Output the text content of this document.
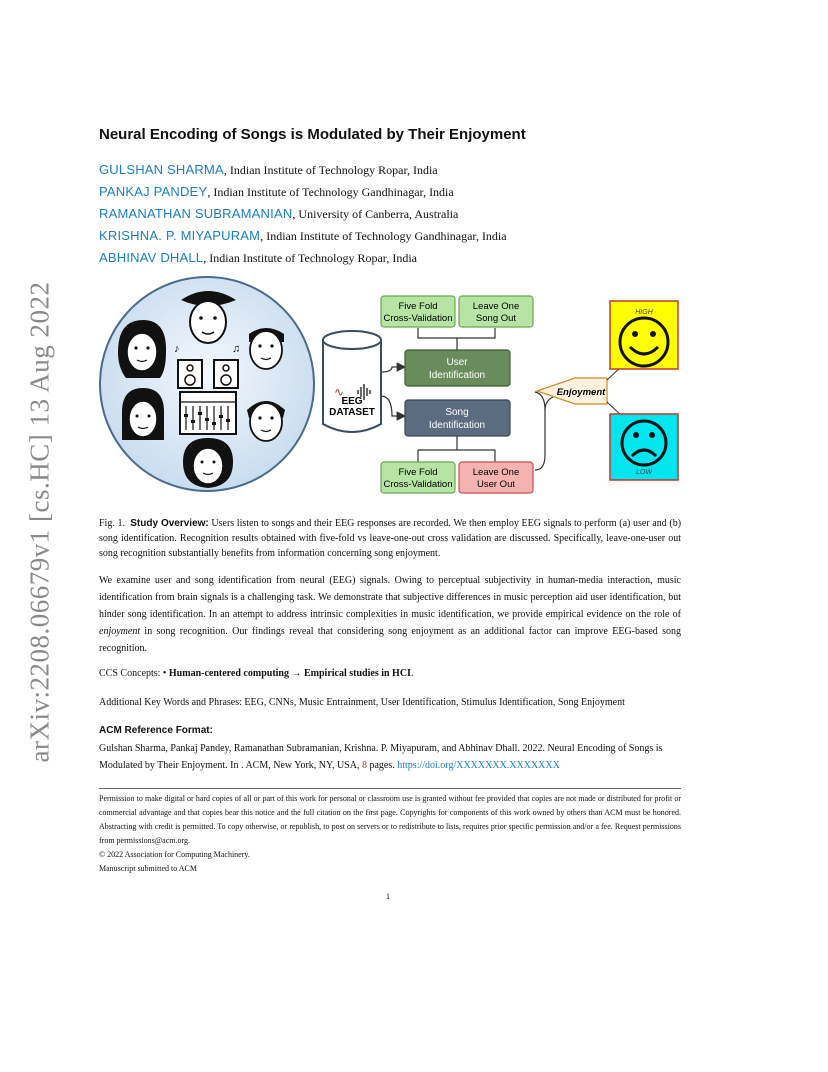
arXiv:2208.06679v1 [cs.HC] 13 Aug 2022
Neural Encoding of Songs is Modulated by Their Enjoyment
GULSHAN SHARMA, Indian Institute of Technology Ropar, India
PANKAJ PANDEY, Indian Institute of Technology Gandhinagar, India
RAMANATHAN SUBRAMANIAN, University of Canberra, Australia
KRISHNA. P. MIYAPURAM, Indian Institute of Technology Gandhinagar, India
ABHINAV DHALL, Indian Institute of Technology Ropar, India
♪	♫
∿
EEG
DATASET
User
Identification
Song
Identification
Five Fold
Cross-Validation
Leave One
Song Out
Five Fold
Cross-Validation
Leave One
User Out
Enjoyment
HIGH
LOW
Fig. 1. Study Overview: Users listen to songs and their EEG responses are recorded. We then employ EEG signals to perform (a) user and (b) song identification. Recognition results obtained with five-fold vs leave-one-out cross validation are discussed. Specifically, leave-one-user out song recognition substantially benefits from information concerning song enjoyment.
We examine user and song identification from neural (EEG) signals. Owing to perceptual subjectivity in human-media interaction, music identification from brain signals is a challenging task. We demonstrate that subjective differences in music perception aid user identification, but hinder song identification. In an attempt to address intrinsic complexities in music identification, we provide empirical evidence on the role of enjoyment in song recognition. Our findings reveal that considering song enjoyment as an additional factor can improve EEG-based song recognition.
CCS Concepts: • Human-centered computing → Empirical studies in HCI.
Additional Key Words and Phrases: EEG, CNNs, Music Entrainment, User Identification, Stimulus Identification, Song Enjoyment
ACM Reference Format:
Gulshan Sharma, Pankaj Pandey, Ramanathan Subramanian, Krishna. P. Miyapuram, and Abhinav Dhall. 2022. Neural Encoding of Songs is Modulated by Their Enjoyment. In . ACM, New York, NY, USA, 8 pages. https://doi.org/XXXXXXX.XXXXXXX
Permission to make digital or hard copies of all or part of this work for personal or classroom use is granted without fee provided that copies are not made or distributed for profit or commercial advantage and that copies bear this notice and the full citation on the first page. Copyrights for components of this work owned by others than ACM must be honored. Abstracting with credit is permitted. To copy otherwise, or republish, to post on servers or to redistribute to lists, requires prior specific permission and/or a fee. Request permissions from permissions@acm.org.
© 2022 Association for Computing Machinery.
Manuscript submitted to ACM
1
